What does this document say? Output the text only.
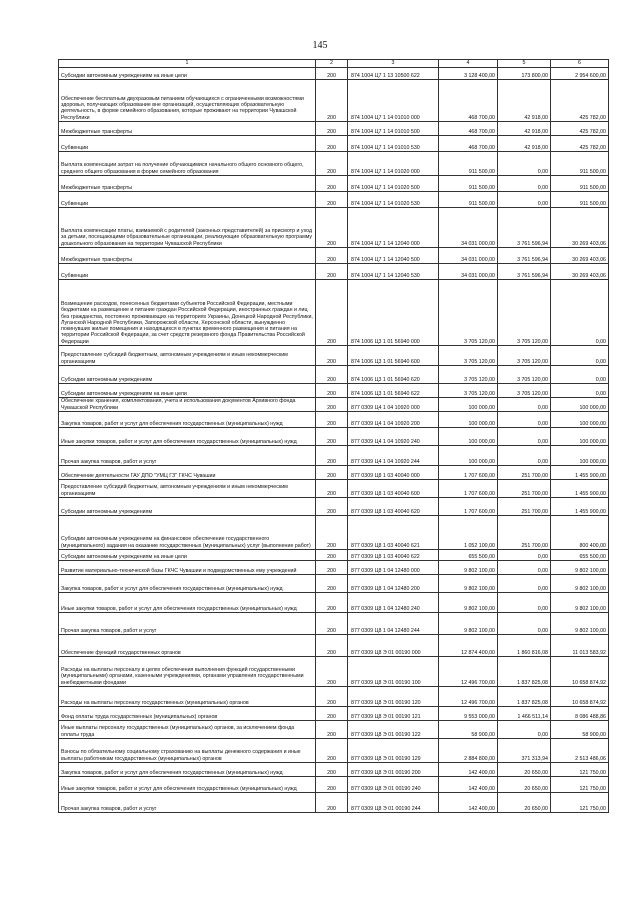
145
1	2	3	4	5	6
Субсидии автономным учреждениям на иные цели	200	874 1004 Ц7 1 13 10500 622	3 128 400,00	173 800,00	2 954 600,00
Обеспечение бесплатным двухразовым питанием обучающихся с ограниченными возможностями здоровья, получающих образование вне организаций, осуществляющих образовательную деятельность, в форме семейного образования, которые проживают на территории Чувашской Республики	200	874 1004 Ц7 1 14 01010 000	468 700,00	42 918,00	425 782,00
Межбюджетные трансферты	200	874 1004 Ц7 1 14 01010 500	468 700,00	42 918,00	425 782,00
Субвенции	200	874 1004 Ц7 1 14 01010 530	468 700,00	42 918,00	425 782,00
Выплата компенсации затрат на получение обучающимися начального общего основного общего, среднего общего образования в форме семейного образования	200	874 1004 Ц7 1 14 01020 000	911 500,00	0,00	911 500,00
Межбюджетные трансферты	200	874 1004 Ц7 1 14 01020 500	911 500,00	0,00	911 500,00
Субвенции	200	874 1004 Ц7 1 14 01020 530	911 500,00	0,00	911 500,00
Выплата компенсации платы, взимаемой с родителей (законных представителей) за присмотр и уход за детьми, посещающими образовательные организации, реализующие образовательную программу дошкольного образования на территории Чувашской Республики	200	874 1004 Ц7 1 14 12040 000	34 031 000,00	3 761 596,94	30 269 403,06
Межбюджетные трансферты	200	874 1004 Ц7 1 14 12040 500	34 031 000,00	3 761 596,94	30 269 403,06
Субвенции	200	874 1004 Ц7 1 14 12040 530	34 031 000,00	3 761 596,94	30 269 403,06
Возмещение расходов, понесенных бюджетами субъектов Российской Федерации, местными бюджетами на размещение и питание граждан Российской Федерации, иностранных граждан и лиц без гражданства, постоянно проживающих на территориях Украины, Донецкой Народной Республики, Луганской Народной Республики, Запорожской области, Херсонской области, вынужденно покинувших жилые помещения и находящихся в пунктах временного размещения и питания на территории Российской Федерации, за счет средств резервного фонда Правительства Российской Федерации	200	874 1006 Ц3 1 01 56940 000	3 705 120,00	3 705 120,00	0,00
Предоставление субсидий бюджетным, автономным учреждениям и иным некоммерческим организациям	200	874 1006 Ц3 1 01 56940 600	3 705 120,00	3 705 120,00	0,00
Субсидии автономным учреждениям	200	874 1006 Ц3 1 01 56940 620	3 705 120,00	3 705 120,00	0,00
Субсидии автономным учреждениям на иные цели	200	874 1006 Ц3 1 01 56940 622	3 705 120,00	3 705 120,00	0,00
Обеспечение хранения, комплектования, учета и использования документов Архивного фонда Чувашской Республики	200	877 0309 Ц4 1 04 10920 000	100 000,00	0,00	100 000,00
Закупка товаров, работ и услуг для обеспечения государственных (муниципальных) нужд	200	877 0309 Ц4 1 04 10920 200	100 000,00	0,00	100 000,00
Иные закупки товаров, работ и услуг для обеспечения государственных (муниципальных) нужд	200	877 0309 Ц4 1 04 10920 240	100 000,00	0,00	100 000,00
Прочая закупка товаров, работ и услуг	200	877 0309 Ц4 1 04 10920 244	100 000,00	0,00	100 000,00
Обеспечение деятельности ГАУ ДПО "УМЦ ГЗ" ГКЧС Чувашии	200	877 0309 Ц8 1 03 40040 000	1 707 600,00	251 700,00	1 455 900,00
Предоставление субсидий бюджетным, автономным учреждениям и иным некоммерческим организациям	200	877 0309 Ц8 1 03 40040 600	1 707 600,00	251 700,00	1 455 900,00
Субсидии автономным учреждениям	200	877 0309 Ц8 1 03 40040 620	1 707 600,00	251 700,00	1 455 900,00
Субсидии автономным учреждениям на финансовое обеспечение государственного (муниципального) задания на оказание государственных (муниципальных) услуг (выполнение работ)	200	877 0309 Ц8 1 03 40040 621	1 052 100,00	251 700,00	800 400,00
Субсидии автономным учреждениям на иные цели	200	877 0309 Ц8 1 03 40040 622	655 500,00	0,00	655 500,00
Развитие материально-технической базы ГКЧС Чувашии и подведомственных ему учреждений	200	877 0309 Ц8 1 04 12480 000	9 802 100,00	0,00	9 802 100,00
Закупка товаров, работ и услуг для обеспечения государственных (муниципальных) нужд	200	877 0309 Ц8 1 04 12480 200	9 802 100,00	0,00	9 802 100,00
Иные закупки товаров, работ и услуг для обеспечения государственных (муниципальных) нужд	200	877 0309 Ц8 1 04 12480 240	9 802 100,00	0,00	9 802 100,00
Прочая закупка товаров, работ и услуг	200	877 0309 Ц8 1 04 12480 244	9 802 100,00	0,00	9 802 100,00
Обеспечение функций государственных органов	200	877 0309 Ц8 Э 01 00190 000	12 874 400,00	1 860 816,08	11 013 583,92
Расходы на выплаты персоналу в целях обеспечения выполнения функций государственными (муниципальными) органами, казенными учреждениями, органами управления государственными внебюджетными фондами	200	877 0309 Ц8 Э 01 00190 100	12 496 700,00	1 837 825,08	10 658 874,92
Расходы на выплаты персоналу государственных (муниципальных) органов	200	877 0309 Ц8 Э 01 00190 120	12 496 700,00	1 837 825,08	10 658 874,92
Фонд оплаты труда государственных (муниципальных) органов	200	877 0309 Ц8 Э 01 00190 121	9 553 000,00	1 466 511,14	8 086 488,86
Иные выплаты персоналу государственных (муниципальных) органов, за исключением фонда оплаты труда	200	877 0309 Ц8 Э 01 00190 122	58 900,00	0,00	58 900,00
Взносы по обязательному социальному страхованию на выплаты денежного содержания и иные выплаты работникам государственных (муниципальных) органов	200	877 0309 Ц8 Э 01 00190 129	2 884 800,00	371 313,94	2 513 486,06
Закупка товаров, работ и услуг для обеспечения государственных (муниципальных) нужд	200	877 0309 Ц8 Э 01 00190 200	142 400,00	20 650,00	121 750,00
Иные закупки товаров, работ и услуг для обеспечения государственных (муниципальных) нужд	200	877 0309 Ц8 Э 01 00190 240	142 400,00	20 650,00	121 750,00
Прочая закупка товаров, работ и услуг	200	877 0309 Ц8 Э 01 00190 244	142 400,00	20 650,00	121 750,00
